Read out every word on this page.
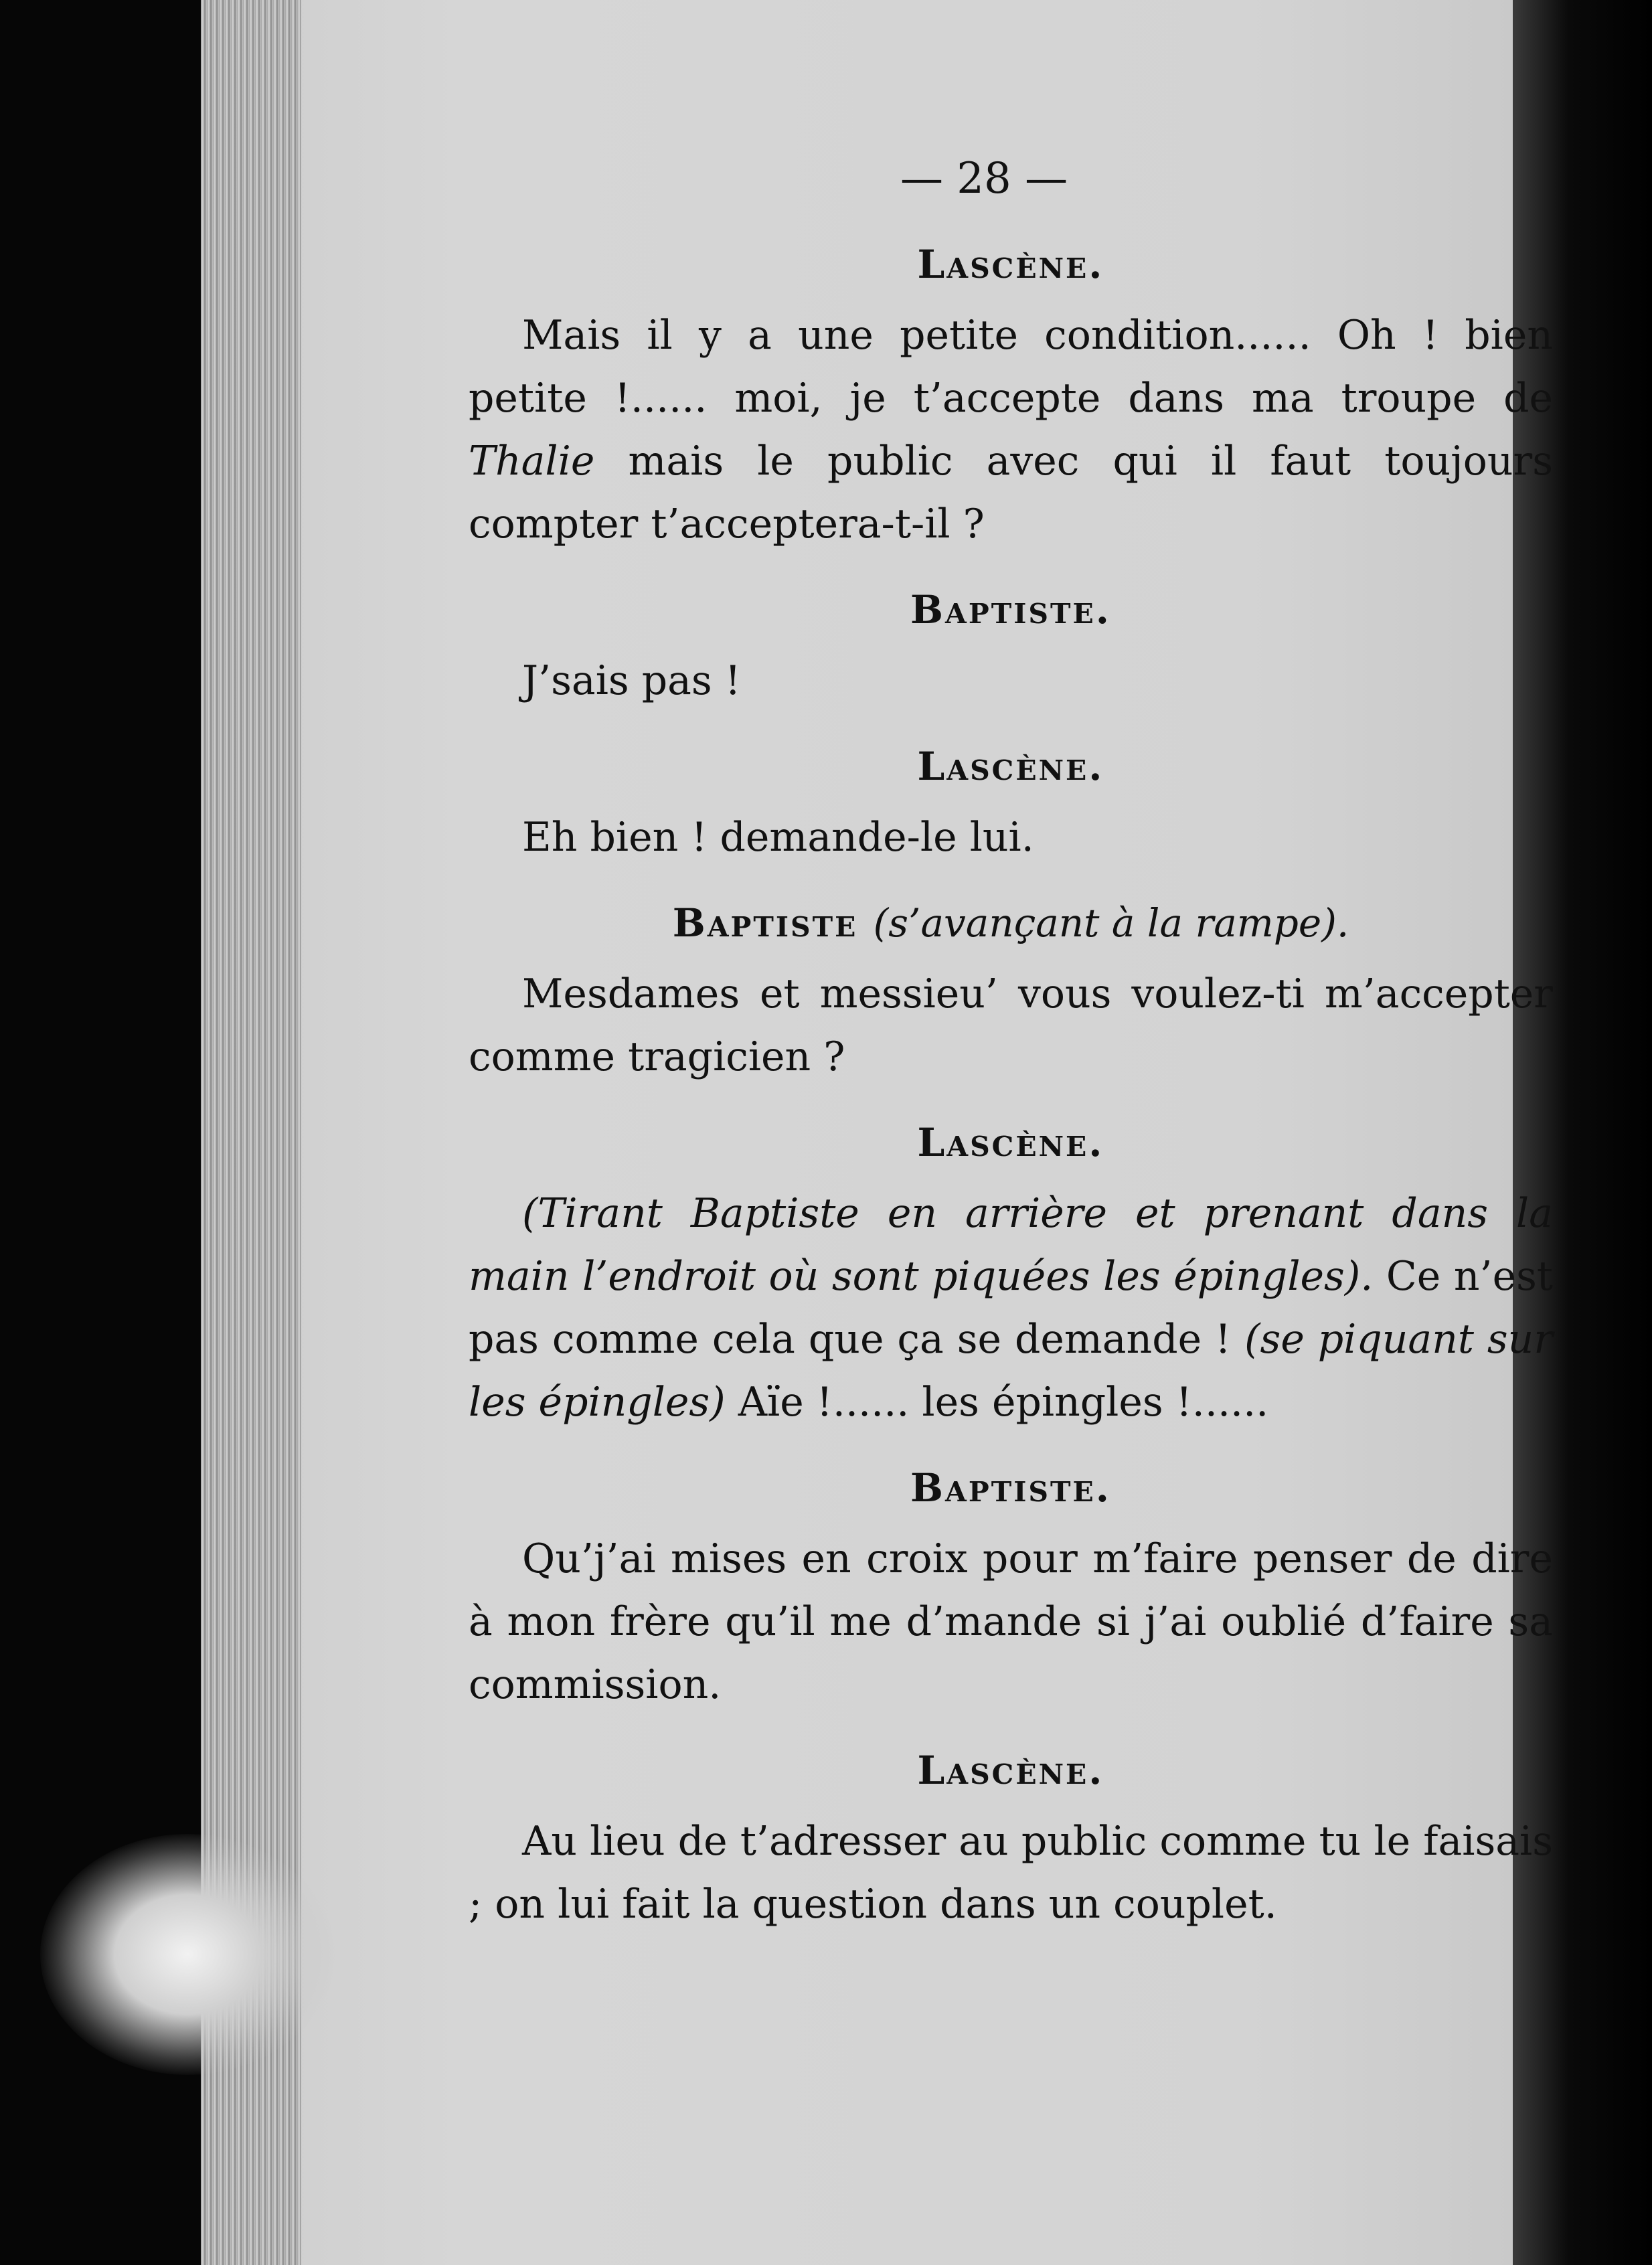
— 28 —
Lascène.

Mais il y a une petite condition...... Oh ! bien petite !...... moi, je t’accepte dans ma troupe de Thalie mais le public avec qui il faut toujours compter t’acceptera-t-il ?

Baptiste.

J’sais pas !

Lascène.

Eh bien ! demande-le lui.

Baptiste (s’avançant à la rampe).

Mesdames et messieu’ vous voulez-ti m’accepter comme tragicien ?

Lascène.

(Tirant Baptiste en arrière et prenant dans la main l’endroit où sont piquées les épingles). Ce n’est pas comme cela que ça se demande ! (se piquant sur les épingles) Aïe !...... les épingles !......

Baptiste.

Qu’j’ai mises en croix pour m’faire penser de dire à mon frère qu’il me d’mande si j’ai oublié d’faire sa commission.

Lascène.

Au lieu de t’adresser au public comme tu le faisais ; on lui fait la question dans un couplet.
